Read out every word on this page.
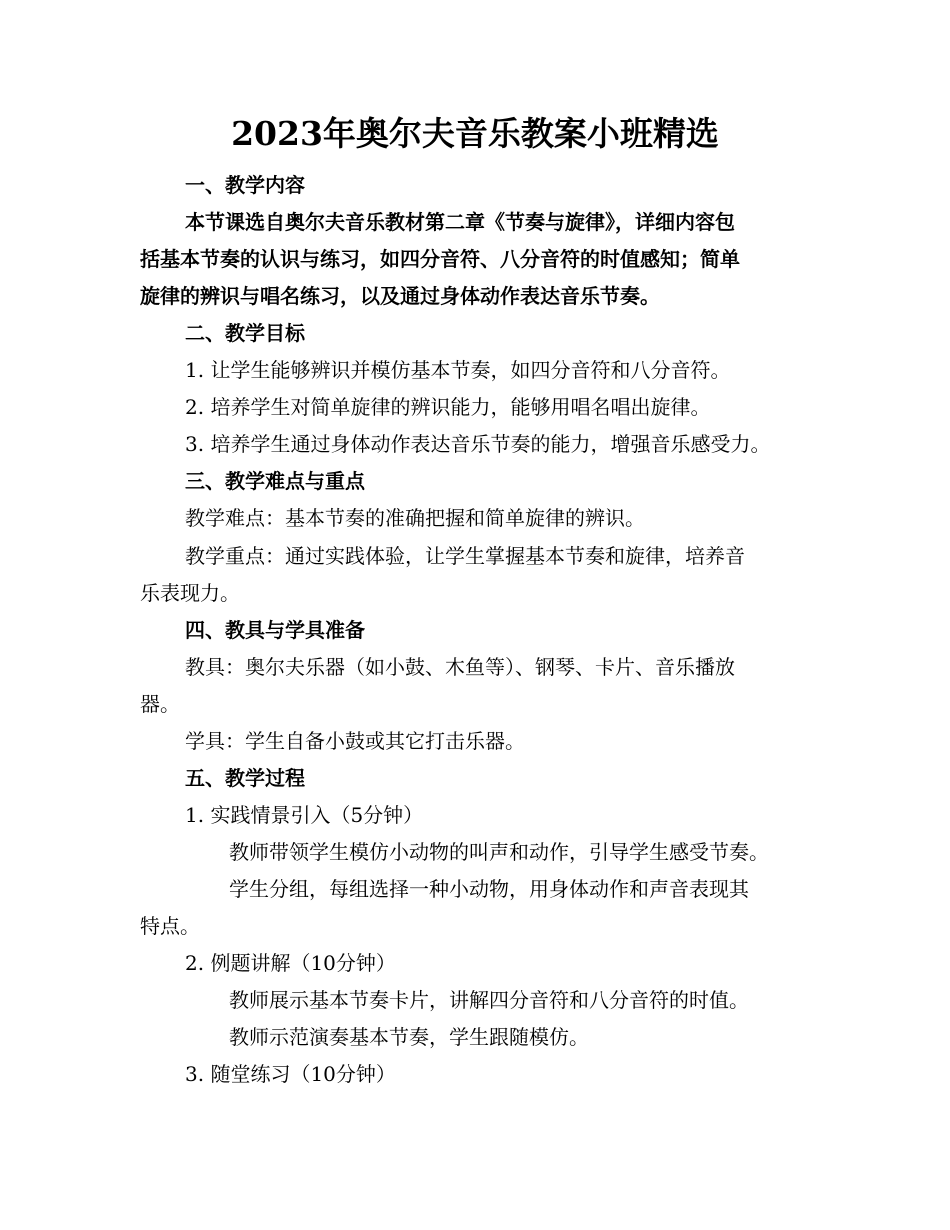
2023年奥尔夫音乐教案小班精选
一、教学内容
本节课选自奥尔夫音乐教材第二章《节奏与旋律》，详细内容包
括基本节奏的认识与练习，如四分音符、八分音符的时值感知；简单
旋律的辨识与唱名练习，以及通过身体动作表达音乐节奏。
二、教学目标
1. 让学生能够辨识并模仿基本节奏，如四分音符和八分音符。
2. 培养学生对简单旋律的辨识能力，能够用唱名唱出旋律。
3. 培养学生通过身体动作表达音乐节奏的能力，增强音乐感受力。
三、教学难点与重点
教学难点：基本节奏的准确把握和简单旋律的辨识。
教学重点：通过实践体验，让学生掌握基本节奏和旋律，培养音
乐表现力。
四、教具与学具准备
教具：奥尔夫乐器（如小鼓、木鱼等）、钢琴、卡片、音乐播放
器。
学具：学生自备小鼓或其它打击乐器。
五、教学过程
1. 实践情景引入（5分钟）
教师带领学生模仿小动物的叫声和动作，引导学生感受节奏。
学生分组，每组选择一种小动物，用身体动作和声音表现其
特点。
2. 例题讲解（10分钟）
教师展示基本节奏卡片，讲解四分音符和八分音符的时值。
教师示范演奏基本节奏，学生跟随模仿。
3. 随堂练习（10分钟）
